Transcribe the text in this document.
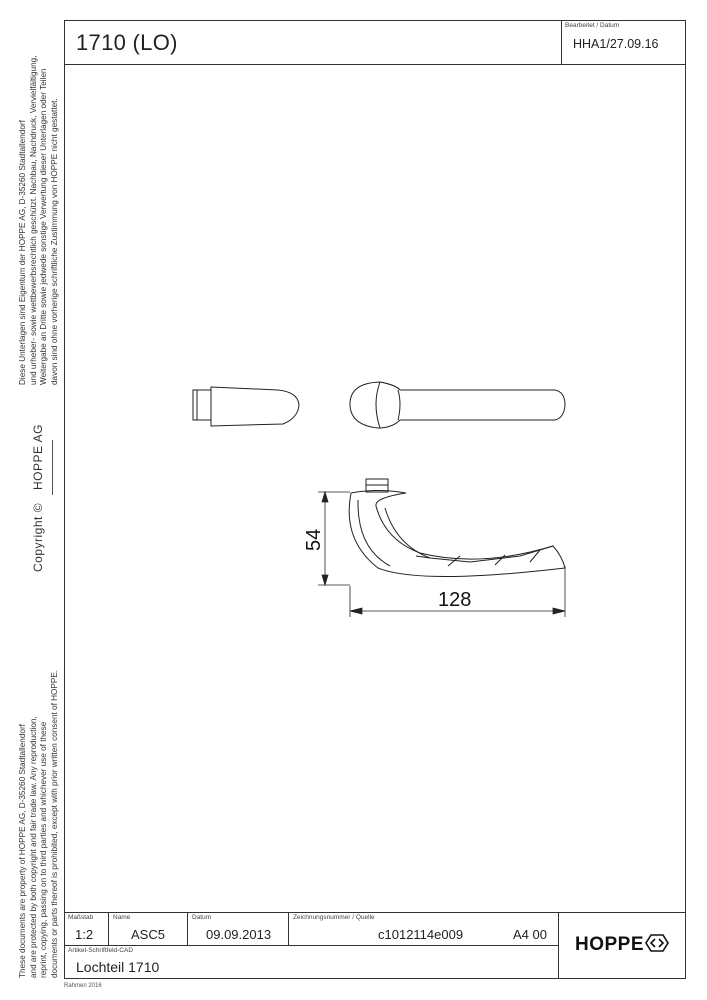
1710 (LO)
Bearbeitet / Datum
HHA1/27.09.16
Diese Unterlagen sind Eigentum der HOPPE AG, D-35260 Stadtallendorf und urheber- sowie wettbewerbsrechtlich geschützt. Nachbau, Nachdruck, Vervielfältigung, Weitergabe an Dritte sowie jedwede sonstige Verwertung dieser Unterlagen oder Teilen davon sind ohne vorherige schriftliche Zustimmung von HOPPE nicht gestattet.
HOPPE AG
Copyright ©
These documents are property of HOPPE AG, D-35260 Stadtallendorf and are protected by both copyright and fair trade law. Any reproduction, reprint, copying, passing on to third parties and whichever use of these documents or parts thereof is prohibited, except with prior written consent of HOPPE.
54
128
Maßstab
1:2
Name
ASC5
Datum
09.09.2013
Zeichnungsnummer / Quelle
c1012114e009	A4 00
Artikel-Schriftfeld-CAD
Lochteil 1710
HOPPE
Rahmen 2016
